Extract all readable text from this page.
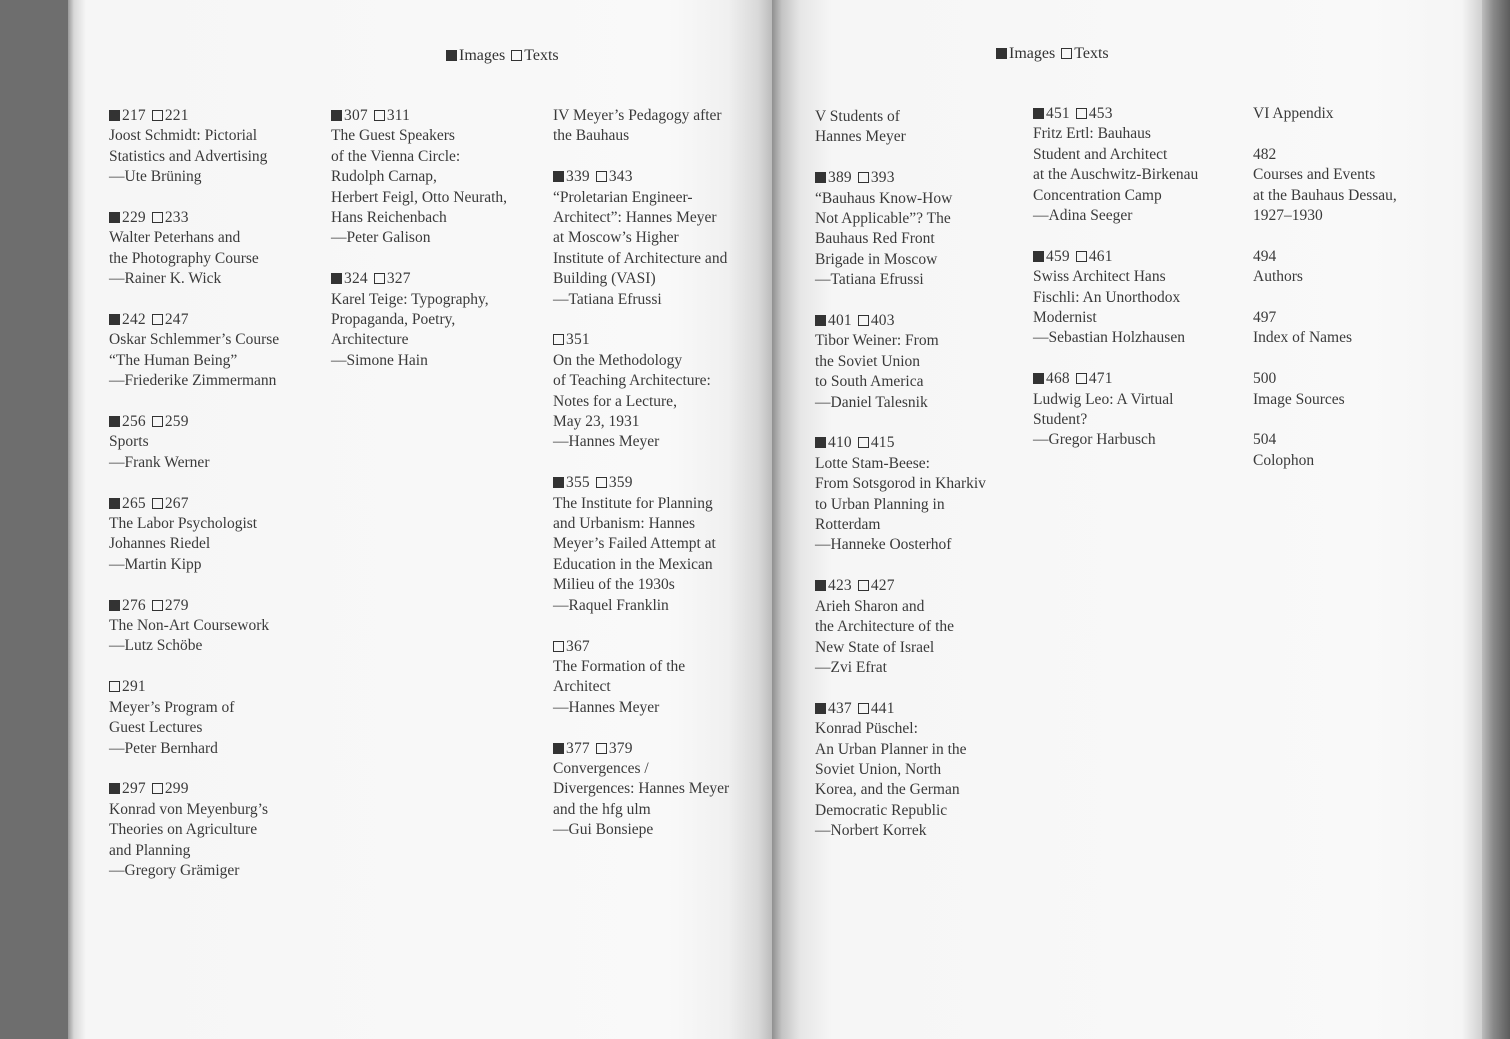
Images Texts
217 221
Joost Schmidt: Pictorial
Statistics and Advertising
—Ute Brüning
229 233
Walter Peterhans and
the Photography Course
—Rainer K. Wick
242 247
Oskar Schlemmer’s Course
“The Human Being”
—Friederike Zimmermann
256 259
Sports
—Frank Werner
265 267
The Labor Psychologist
Johannes Riedel
—Martin Kipp
276 279
The Non-Art Coursework
—Lutz Schöbe
291
Meyer’s Program of
Guest Lectures
—Peter Bernhard
297 299
Konrad von Meyenburg’s
Theories on Agriculture
and Planning
—Gregory Grämiger
307 311
The Guest Speakers
of the Vienna Circle:
Rudolph Carnap,
Herbert Feigl, Otto Neurath,
Hans Reichenbach
—Peter Galison
324 327
Karel Teige: Typography,
Propaganda, Poetry,
Architecture
—Simone Hain
IV Meyer’s Pedagogy after
the Bauhaus
339 343
“Proletarian Engineer-
Architect”: Hannes Meyer
at Moscow’s Higher
Institute of Architecture and
Building (VASI)
—Tatiana Efrussi
351
On the Methodology
of Teaching Architecture:
Notes for a Lecture,
May 23, 1931
—Hannes Meyer
355 359
The Institute for Planning
and Urbanism: Hannes
Meyer’s Failed Attempt at
Education in the Mexican
Milieu of the 1930s
—Raquel Franklin
367
The Formation of the
Architect
—Hannes Meyer
377 379
Convergences /
Divergences: Hannes Meyer
and the hfg ulm
—Gui Bonsiepe
Images Texts
V Students of
Hannes Meyer
389 393
“Bauhaus Know-How
Not Applicable”? The
Bauhaus Red Front
Brigade in Moscow
—Tatiana Efrussi
401 403
Tibor Weiner: From
the Soviet Union
to South America
—Daniel Talesnik
410 415
Lotte Stam-Beese:
From Sotsgorod in Kharkiv
to Urban Planning in
Rotterdam
—Hanneke Oosterhof
423 427
Arieh Sharon and
the Architecture of the
New State of Israel
—Zvi Efrat
437 441
Konrad Püschel:
An Urban Planner in the
Soviet Union, North
Korea, and the German
Democratic Republic
—Norbert Korrek
451 453
Fritz Ertl: Bauhaus
Student and Architect
at the Auschwitz-Birkenau
Concentration Camp
—Adina Seeger
459 461
Swiss Architect Hans
Fischli: An Unorthodox
Modernist
—Sebastian Holzhausen
468 471
Ludwig Leo: A Virtual
Student?
—Gregor Harbusch
VI Appendix
482
Courses and Events
at the Bauhaus Dessau,
1927–1930
494
Authors
497
Index of Names
500
Image Sources
504
Colophon
